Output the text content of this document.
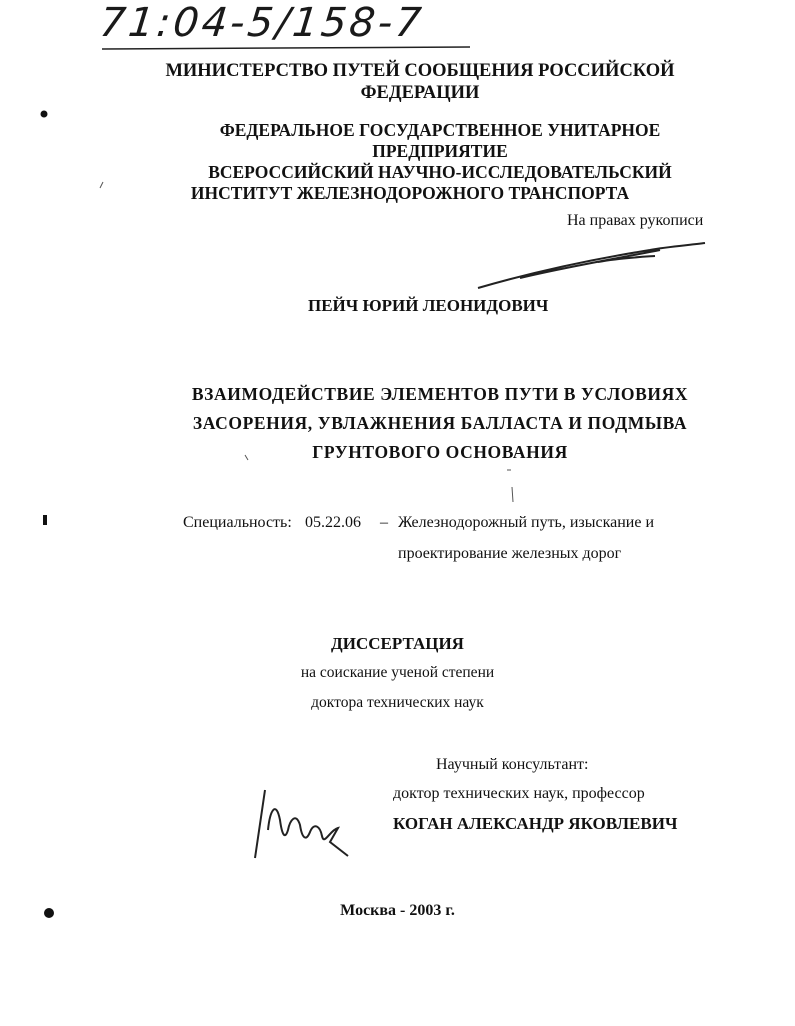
71:04-5/158-7
МИНИСТЕРСТВО ПУТЕЙ СООБЩЕНИЯ РОССИЙСКОЙ
ФЕДЕРАЦИИ
ФЕДЕРАЛЬНОЕ ГОСУДАРСТВЕННОЕ УНИТАРНОЕ ПРЕДПРИЯТИЕ
ВСЕРОССИЙСКИЙ НАУЧНО-ИССЛЕДОВАТЕЛЬСКИЙ
ИНСТИТУТ ЖЕЛЕЗНОДОРОЖНОГО ТРАНСПОРТА
На правах рукописи
ПЕЙЧ ЮРИЙ ЛЕОНИДОВИЧ
ВЗАИМОДЕЙСТВИЕ ЭЛЕМЕНТОВ ПУТИ В УСЛОВИЯХ
ЗАСОРЕНИЯ, УВЛАЖНЕНИЯ БАЛЛАСТА И ПОДМЫВА
ГРУНТОВОГО ОСНОВАНИЯ
Специальность: 05.22.06 – Железнодорожный путь, изыскание и
проектирование железных дорог
ДИССЕРТАЦИЯ
на соискание ученой степени
доктора технических наук
Научный консультант:
доктор технических наук, профессор
КОГАН АЛЕКСАНДР ЯКОВЛЕВИЧ
Москва - 2003 г.
